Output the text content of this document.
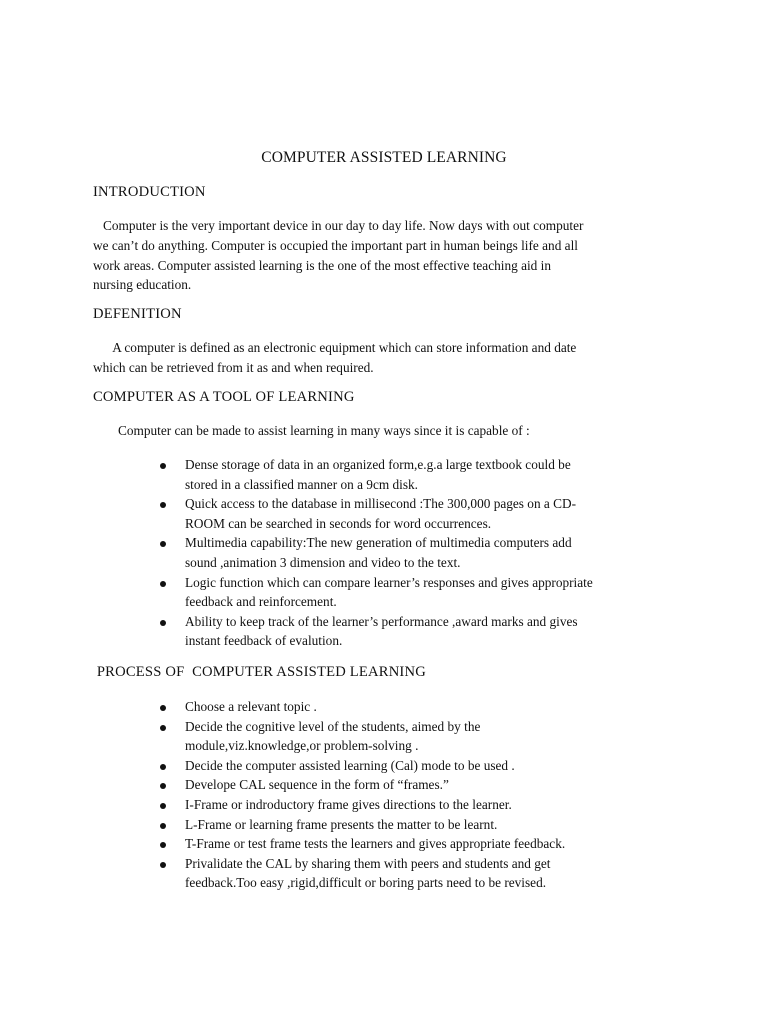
COMPUTER ASSISTED LEARNING
INTRODUCTION

Computer is the very important device in our day to day life. Now days with out computer
we can’t do anything. Computer is occupied the important part in human beings life and all
work areas. Computer assisted learning is the one of the most effective teaching aid in
nursing education.

DEFENITION

A computer is defined as an electronic equipment which can store information and date
which can be retrieved from it as and when required.

COMPUTER AS A TOOL OF LEARNING

Computer can be made to assist learning in many ways since it is capable of :

Dense storage of data in an organized form,e.g.a large textbook could be
stored in a classified manner on a 9cm disk.
Quick access to the database in millisecond :The 300,000 pages on a CD-
ROOM can be searched in seconds for word occurrences.
Multimedia capability:The new generation of multimedia computers add
sound ,animation 3 dimension and video to the text.
Logic function which can compare learner’s responses and gives appropriate
feedback and reinforcement.
Ability to keep track of the learner’s performance ,award marks and gives
instant feedback of evalution.
PROCESS OF  COMPUTER ASSISTED LEARNING
Choose a relevant topic .
Decide the cognitive level of the students, aimed by the
module,viz.knowledge,or problem-solving .
Decide the computer assisted learning (Cal) mode to be used .
Develope CAL sequence in the form of “frames.”
I-Frame or indroductory frame gives directions to the learner.
L-Frame or learning frame presents the matter to be learnt.
T-Frame or test frame tests the learners and gives appropriate feedback.
Privalidate the CAL by sharing them with peers and students and get
feedback.Too easy ,rigid,difficult or boring parts need to be revised.
